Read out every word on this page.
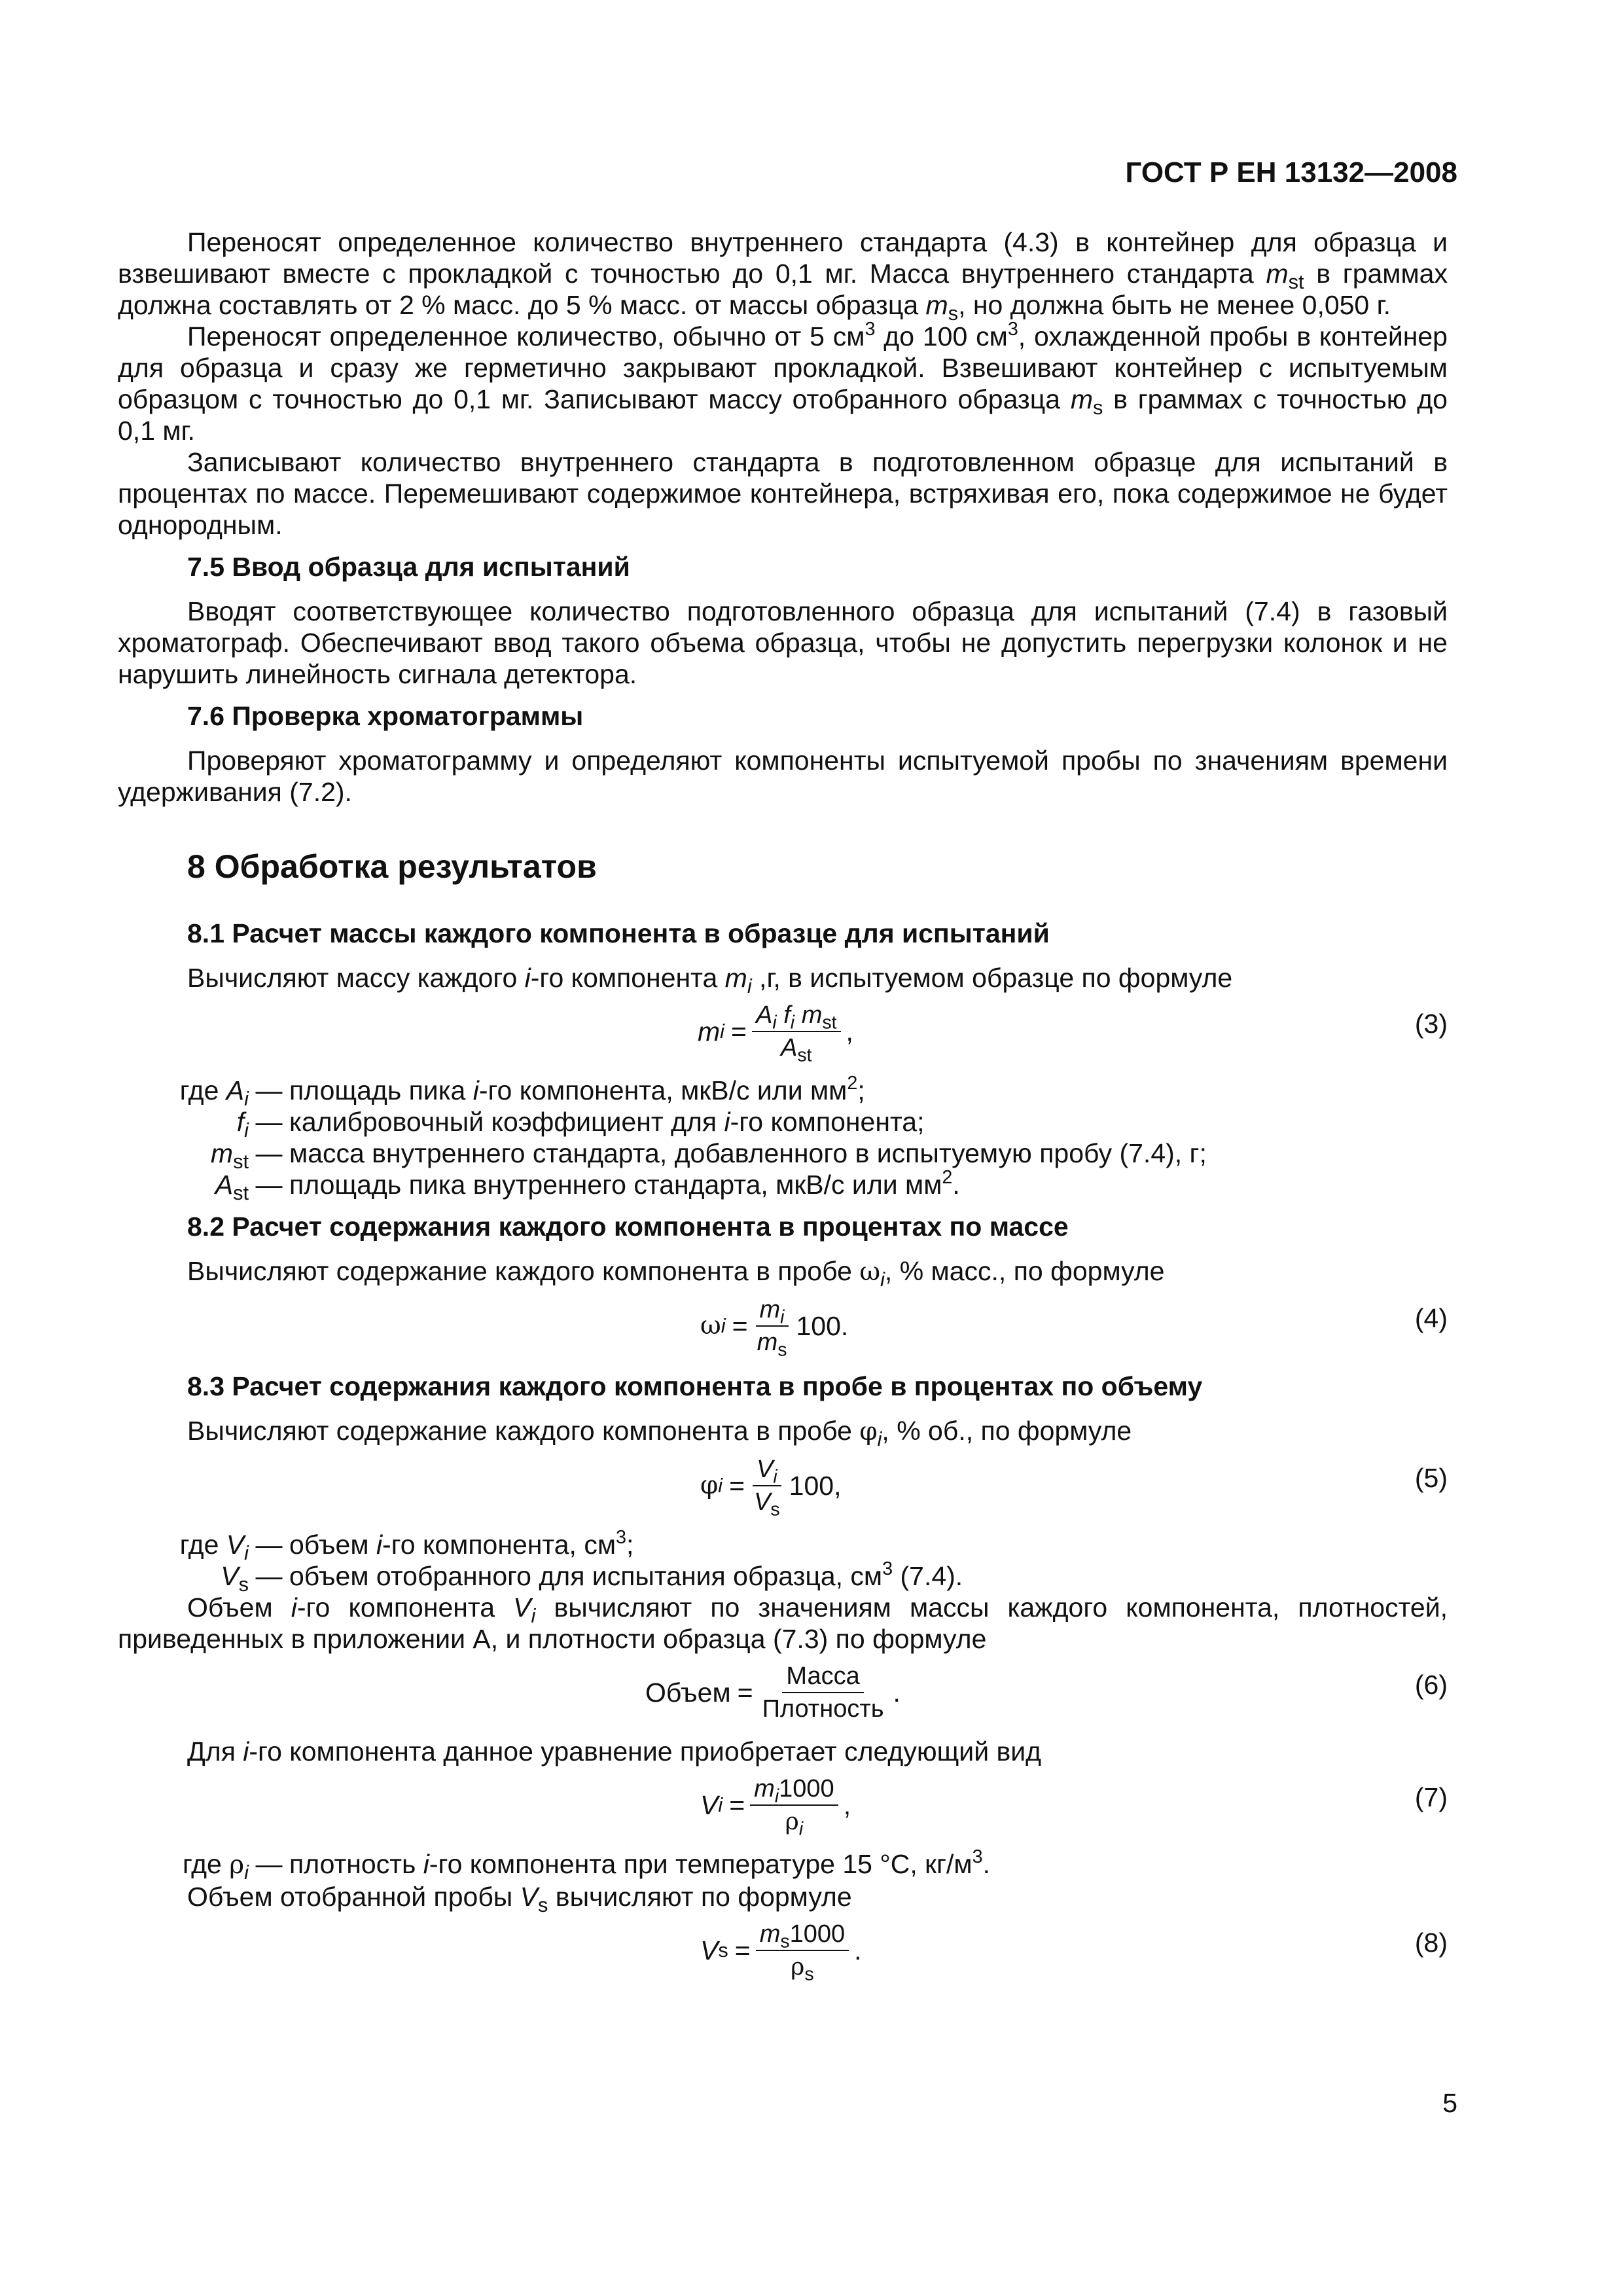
ГОСТ Р ЕН 13132—2008

Переносят определенное количество внутреннего стандарта (4.3) в контейнер для образца и взвешивают вместе с прокладкой с точностью до 0,1 мг. Масса внутреннего стандарта $m_{st}$ в граммах должна составлять от 2 % масс. до 5 % масс. от массы образца $m_s$, но должна быть не менее 0,050 г.

Переносят определенное количество, обычно от 5 $см^3$ до 100 $см^3$, охлажденной пробы в контейнер для образца и сразу же герметично закрывают прокладкой. Взвешивают контейнер с испытуемым образцом с точностью до 0,1 мг. Записывают массу отобранного образца $m_s$ в граммах с точностью до 0,1 мг.

Записывают количество внутреннего стандарта в подготовленном образце для испытаний в процентах по массе. Перемешивают содержимое контейнера, встряхивая его, пока содержимое не будет однородным.

7.5 Ввод образца для испытаний

Вводят соответствующее количество подготовленного образца для испытаний (7.4) в газовый хроматограф. Обеспечивают ввод такого объема образца, чтобы не допустить перегрузки колонок и не нарушить линейность сигнала детектора.

7.6 Проверка хроматограммы

Проверяют хроматограмму и определяют компоненты испытуемой пробы по значениям времени удерживания (7.2).

8 Обработка результатов
8.1 Расчет массы каждого компонента в образце для испытаний

Вычисляют массу каждого i-го компонента $m_i$ ,г, в испытуемом образце по формуле

m $i = \frac{A_i f_i m_{st}}{A_{st}}$ ,	(3)
где $A_i$ — площадь пика i-го компонента, мкВ/с или $мм^2$;
$f_i$ — калибровочный коэффициент для i-го компонента;
$m_{st}$ — масса внутреннего стандарта, добавленного в испытуемую пробу (7.4), г;
$A_{st}$ — площадь пика внутреннего стандарта, мкВ/с или $мм^2$.
8.2 Расчет содержания каждого компонента в процентах по массе

Вычисляют содержание каждого компонента в пробе $\omega_i$, % масс., по формуле

ω $i = \frac{m_i}{m_s} 100$.	(4)
8.3 Расчет содержания каждого компонента в пробе в процентах по объему

Вычисляют содержание каждого компонента в пробе $\varphi_i$, % об., по формуле

φ $i = \frac{V_i}{V_s} 100$,	(5)
где $V_i$ — объем i-го компонента, $см^3$;
$V_s$ — объем отобранного для испытания образца, $см^3$ (7.4).

Объем i-го компонента $V_i$ вычисляют по значениям массы каждого компонента, плотностей, приведенных в приложении А, и плотности образца (7.3) по формуле

Объем = $\frac{\text{Масса}}{\text{Плотность}}$ .	(6)

Для i-го компонента данное уравнение приобретает следующий вид

V $i = \frac{m_i1000}{\rho_i}$ ,	(7)
где $\rho_i$ — плотность i-го компонента при температуре 15 °С, $кг/м^3$.

Объем отобранной пробы $V_s$ вычисляют по формуле

V $s = \frac{m_s1000}{\rho_s}$ .	(8)
5
